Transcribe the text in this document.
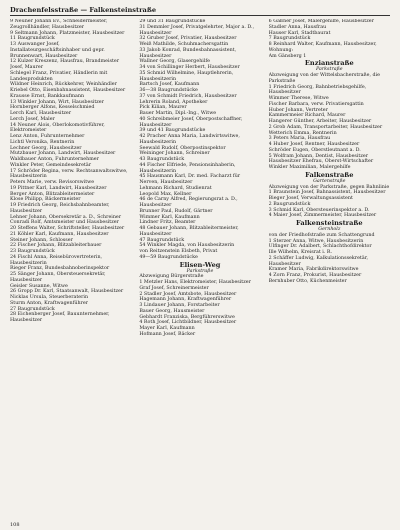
Drachenfelsstraße — Falkensteinstraße

9 Neuner Johann Ev., Schneidermeister, Zeugrollhändler, Hausbesitzer

9 Seltmann Johann, Platzmeister, Hausbesitzer

11 Baugrundstück

13 Auswanger Josef, Installateurgeschäftsinhaber und gepr. Brunnenwart, Hausbesitzer

12 Kulzer Kreszenz, Hausfrau, Brandmeister Josef, Maurer

Schlegel Franz, Privatier, Händlerin mit Landesprodukten

Wildner Heinrich, Rückkehrer, Weinhändler

Kriebel Otto, Eisenbahnassistent, Hausbesitzer

Krausse Ernst, Bankkaufmann

13 Winkler Johann, Wirt, Hausbesitzer

Hornberger Alfons, Kesselschmied

Lerch Karl, Hausbesitzer

Lerch Josef, Maler

14 Neuner Alois, Oberlokomotivführer, Elektromeister

Lenz Anton, Fuhrunternehmer

Lichtl Veronika, Rentnerin

Lechner Georg, Hausbesitzer

Mutzbauer Johann, Landwirt, Hausbesitzer

Waldbauer Anton, Fuhrunternehmer

Winkler Peter, Gemeindesekretär

17 Schröder Regina, verw. Rechtsanwaltswitwe, Hausbesitzerin

Peters Marie, verw. Revisorswitwe

19 Pittner Karl, Landwirt, Hausbesitzer

Berger Anton, Blitzableitermeister

Klose Philipp, Bäckermeister

19 Friedrich Georg, Reichsbahnbeamter, Hausbesitzer

Lehner Johann, Obersekretär a. D., Schreiner

Conradi Rolf, Amtsmeister und Hausbesitzer

20 Steffens Walter, Schriftsteller, Hausbesitzer

21 Köhler Karl, Kaufmann, Hausbesitzer

Steiner Johann, Schlosser

22 Fischer Johann, Blitzableiterbauer

23 Baugrundstück

24 Fischl Anna, Reisebürovertreterin, Hausbesitzerin

Rieger Franz, Bundesbahnoberinspektor

25 Sänger Johann, Obersteuersekretär, Hausbesitzer

Geisler Susanne, Witwe

26 Gropp Dr. Karl, Staatsanwalt, Hausbesitzer

Nicklas Ursula, Steuerberaterin

Sturm Anton, Kraftwagenführer

27 Baugrundstück

28 Eichenberger Josef, Bauunternehmer, Hausbesitzer

29 und 31 Baugrundstücke

31 Demmler Josef, Privatgelehrter, Major a. D., Hausbesitzer

32 Gruber Josef, Privatier, Hausbesitzer

Weiß Mathilde, Schuhmachersgattin

33 Jakob Konrad, Bundesbahnassistent, Hausbesitzer

Wallner Georg, Glasergehilfe

34 von Schillinger Herbert, Hausbesitzer

35 Schmid Wilhelmine, Hauptlehrerin, Hausbesitzerin

Bartsch Josef, Kaufmann

36—38 Baugrundstücke

37 von Schmidt Friedrich, Hausbesitzer

Lehrerin Roland, Apotheker

Pick Kilian, Maurer

Bauer Martin, Dipl.-Ing., Witwe

40 Schreibmeier Josef, Oberpostschaffner, Hausbesitzer

39 und 41 Baugrundstücke

42 Pracher Anna Maria, Landwirtswitwe, Hausbesitzerin

Seewald Rudolf, Oberpostinspektor

Weininger Johann, Schreiner

43 Baugrundstück

44 Fischer Elfriede, Pensionsinhaberin, Hausbesitzerin

45 Hausmann Karl, Dr. med. Facharzt für Nerven, Hausbesitzer

Lehmann Richard, Studienrat

Leopold Max, Kellner

46 de Carny Alfred, Regierungsrat a. D., Hausbesitzer

Brunner Paul, Rudolf, Gärtner

Wimmer Karl, Kaufmann

Lindner Fritz, Beamter

48 Gebauer Johann, Blitzableitermeister, Hausbesitzer

47 Baugrundstück

54 Winkler Magda, von Hausbesitzerin

von Reitzenstein Elsbeth, Privat

49—59 Baugrundstücke

Elisen-Weg

Parkstraße

Abzweigung Bürgerstraße

1 Metzler Hans, Elektromeister, Hausbesitzer

Graf Josef, Schreinermeister

2 Stadler Josef, Amtsbote, Hausbesitzer

Hagemann Johann, Kraftwagenführer

3 Lindauer Johann, Forstarbeiter

Bauer Georg, Hausmeister

Gebhardt Franziska, Bergführerswitwe

4 Roth Josef, Lichtbildner, Hausbesitzer

Mayer Karl, Kaufmann

Hofmann Josef, Bäcker

6 Gaßner Josef, Malergehilfe, Hausbesitzer

Stadler Anna, Hausfrau

Hauser Karl, Stadtbaurat

7 Baugrundstück

8 Reinhard Walter, Kaufmann, Hausbesitzer, Wohnung:

Am Gänsberg 1

Enzianstraße

Parkstraße

Abzweigung von der Wittelsbacherstraße, die Parkstraße

1 Friedrich Georg, Bahnbetriebsgehilfe, Hausbesitzer

Wimmer Therese, Witwe

Fischer Barbara, verw. Privatiersgattin

Huber Johann, Vertreter

Kammermeier Richard, Maurer

Hangerer Günther, Arbeiter, Hausbesitzer

2 Grob Adam, Transportarbeiter, Hausbesitzer

Wetterich Emma, Rentnerin

3 Peters Maria, Hausfrau

4 Huber Josef, Rentner, Hausbesitzer

Schröder Eugen, Oberstleutnant a. D.

5 Wolfram Johann, Dentist, Hausbesitzer

Hausbesitzer Ehefrau, Oberst-Wirtschafter

Winkler Maximilian, Malergehilfe

Falkenstraße

Gartenstraße

Abzweigung von der Parkstraße, gegen Bahnlinie

1 Braunstein Josef, Bahnassistent, Hausbesitzer

Bieger Josef, Verwaltungsassistent

2 Baugrundstück

3 Schmid Karl, Obersteuerinspektor a. D.

4 Maier Josef, Zimmermeister, Hausbesitzer

Falkensteinstraße

Gernholz

von der Friedhofstraße zum Schattengrund

1 Sterzer Anna, Witwe, Hausbesitzerin

Ulfinger Dr. Adalbert, Schlachthofdirektor

Ille Wilhelm, Kreisrat i. R.

2 Schäffer Ludwig, Kalkulationssekretär, Hausbesitzer

Kramer Maria, Fabrikdirektorswitwe

4 Zorn Franz, Prokurist, Hausbesitzer

Bernhuber Otto, Küchenmeister

108
